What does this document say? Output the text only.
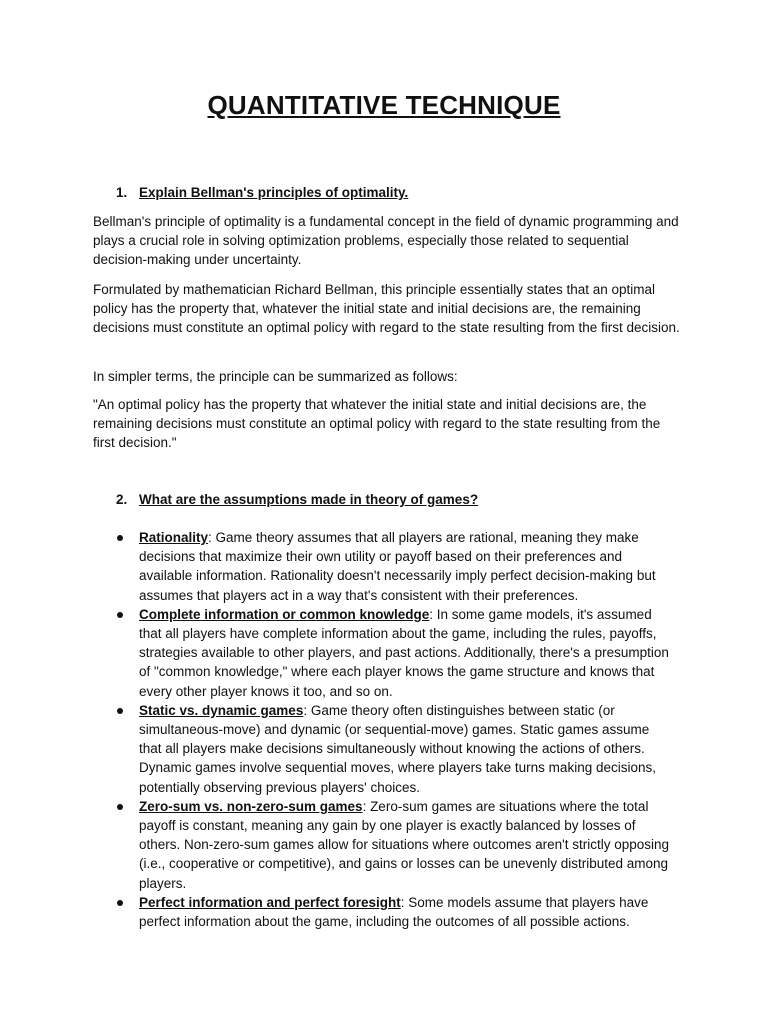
QUANTITATIVE TECHNIQUE
1. Explain Bellman's principles of optimality.

Bellman's principle of optimality is a fundamental concept in the field of dynamic programming and plays a crucial role in solving optimization problems, especially those related to sequential decision-making under uncertainty.

Formulated by mathematician Richard Bellman, this principle essentially states that an optimal policy has the property that, whatever the initial state and initial decisions are, the remaining decisions must constitute an optimal policy with regard to the state resulting from the first decision.

In simpler terms, the principle can be summarized as follows:

"An optimal policy has the property that whatever the initial state and initial decisions are, the remaining decisions must constitute an optimal policy with regard to the state resulting from the first decision."

2. What are the assumptions made in theory of games?
Rationality: Game theory assumes that all players are rational, meaning they make decisions that maximize their own utility or payoff based on their preferences and available information. Rationality doesn't necessarily imply perfect decision-making but assumes that players act in a way that's consistent with their preferences.
Complete information or common knowledge: In some game models, it's assumed that all players have complete information about the game, including the rules, payoffs, strategies available to other players, and past actions. Additionally, there's a presumption of "common knowledge," where each player knows the game structure and knows that every other player knows it too, and so on.
Static vs. dynamic games: Game theory often distinguishes between static (or simultaneous-move) and dynamic (or sequential-move) games. Static games assume that all players make decisions simultaneously without knowing the actions of others. Dynamic games involve sequential moves, where players take turns making decisions, potentially observing previous players' choices.
Zero-sum vs. non-zero-sum games: Zero-sum games are situations where the total payoff is constant, meaning any gain by one player is exactly balanced by losses of others. Non-zero-sum games allow for situations where outcomes aren't strictly opposing (i.e., cooperative or competitive), and gains or losses can be unevenly distributed among players.
Perfect information and perfect foresight: Some models assume that players have perfect information about the game, including the outcomes of all possible actions.
